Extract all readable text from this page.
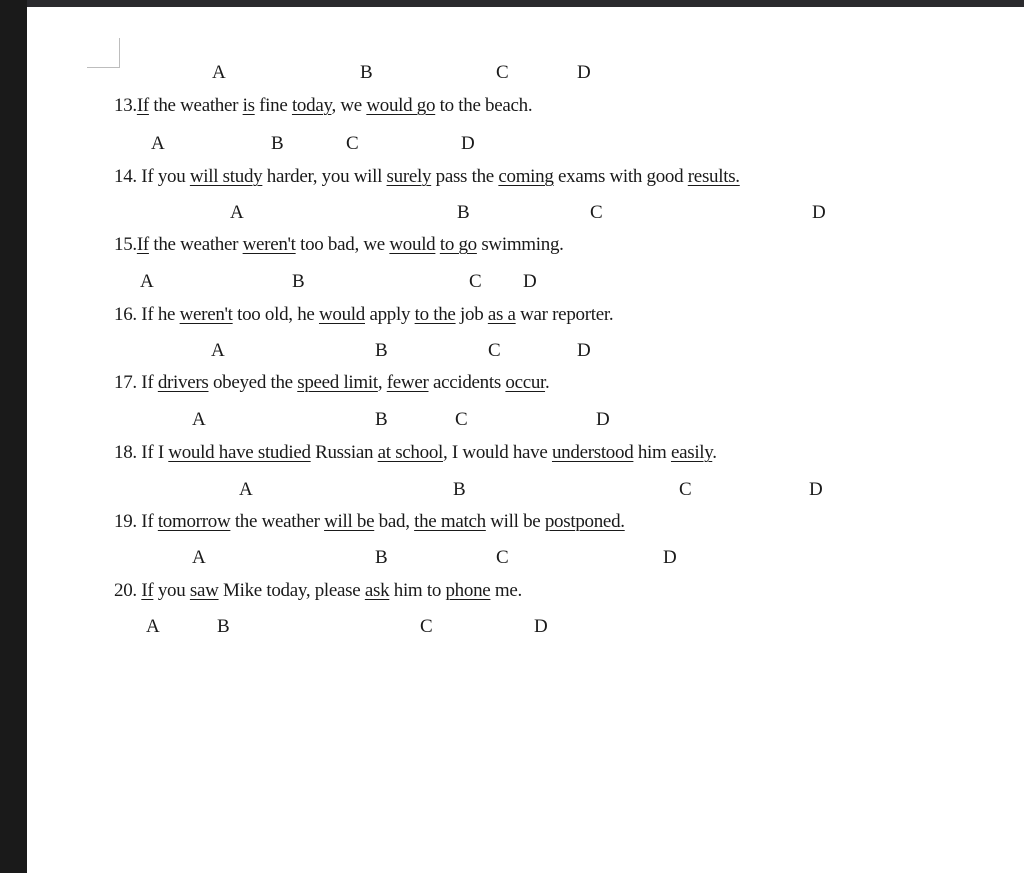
A	B	C	D
13.If the weather is fine today, we would go to the beach.
A	B	C	D
14. If you will study harder, you will surely pass the coming exams with good results.
A	B	C	D
15.If the weather weren't too bad, we would to go swimming.
A	B	C D
16. If he weren't too old, he would apply to the job as a war reporter.
A	B	C	D
17. If drivers obeyed the speed limit, fewer accidents occur.
A	B	C	D
18. If I would have studied Russian at school, I would have understood him easily.
A	B	C	D
19. If tomorrow the weather will be bad, the match will be postponed.
A	B	C	D
20. If you saw Mike today, please ask him to phone me.
A	B	C	D
